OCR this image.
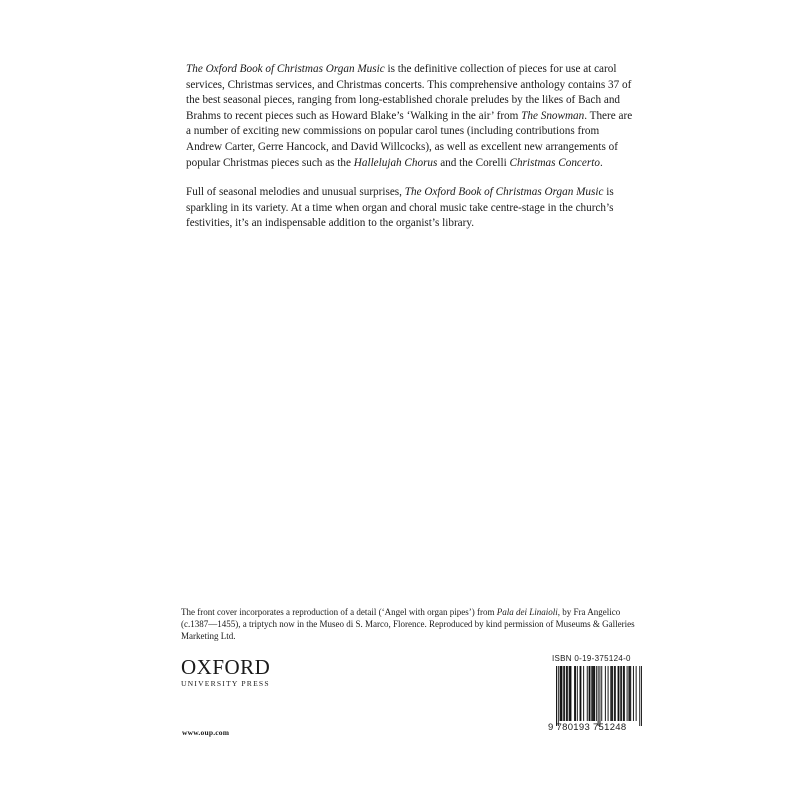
The Oxford Book of Christmas Organ Music is the definitive collection of pieces for use at carol services, Christmas services, and Christmas concerts. This comprehensive anthology contains 37 of the best seasonal pieces, ranging from long-established chorale preludes by the likes of Bach and Brahms to recent pieces such as Howard Blake’s ‘Walking in the air’ from The Snowman. There are a number of exciting new commissions on popular carol tunes (including contributions from Andrew Carter, Gerre Hancock, and David Willcocks), as well as excellent new arrangements of popular Christmas pieces such as the Hallelujah Chorus and the Corelli Christmas Concerto.

Full of seasonal melodies and unusual surprises, The Oxford Book of Christmas Organ Music is sparkling in its variety. At a time when organ and choral music take centre-stage in the church’s festivities, it’s an indispensable addition to the organist’s library.

The front cover incorporates a reproduction of a detail (‘Angel with organ pipes’) from Pala dei Linaioli, by Fra Angelico (c.1387—1455), a triptych now in the Museo di S. Marco, Florence. Reproduced by kind permission of Museums & Galleries Marketing Ltd.
OXFORD
UNIVERSITY PRESS
www.oup.com
ISBN 0-19-375124-0
9 780193 751248
